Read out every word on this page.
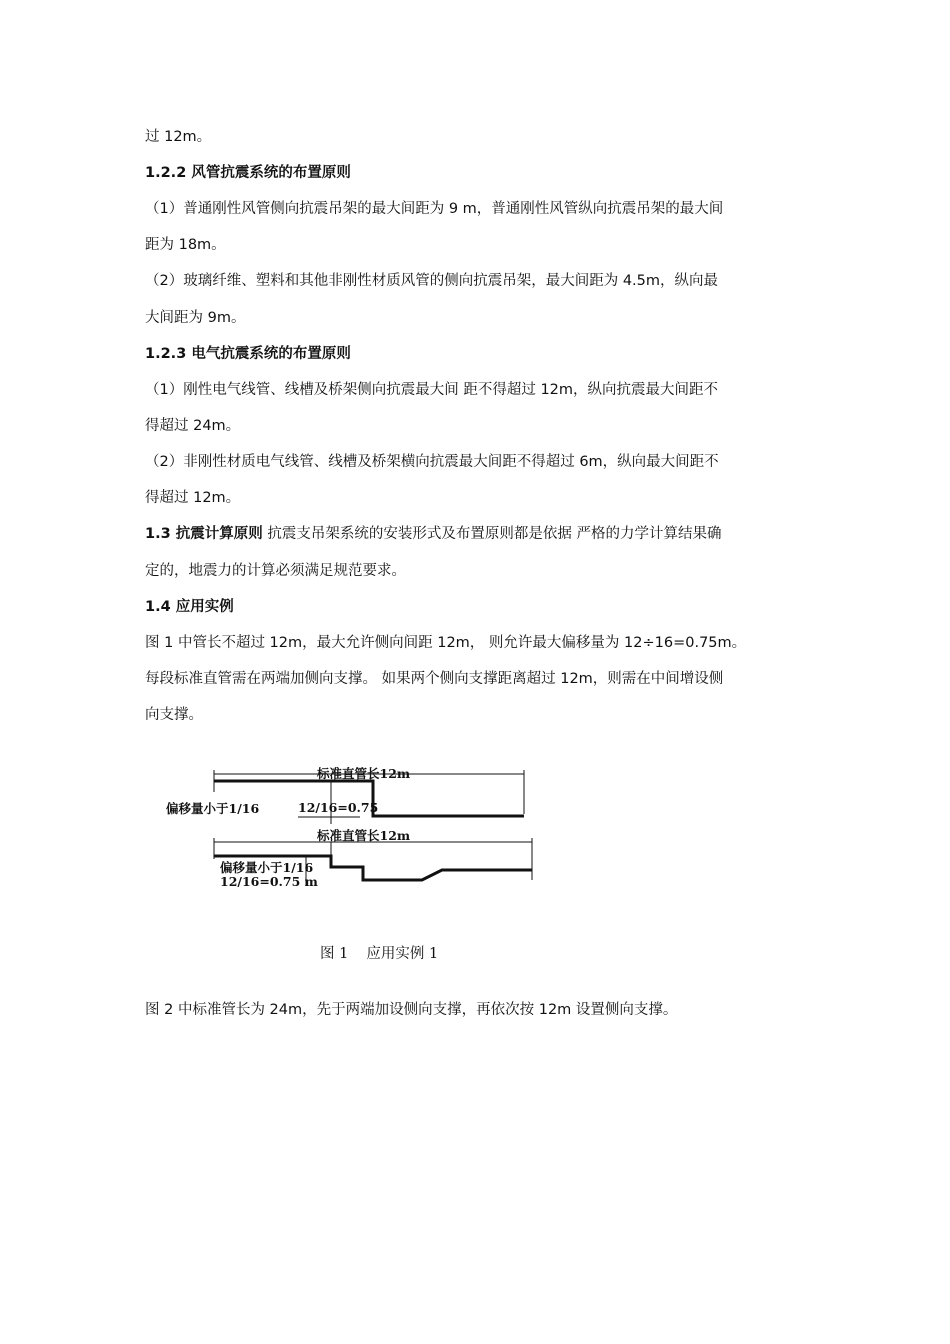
过 12m。
1.2.2 风管抗震系统的布置原则
（1）普通刚性风管侧向抗震吊架的最大间距为 9 m，普通刚性风管纵向抗震吊架的最大间
距为 18m。
（2）玻璃纤维、塑料和其他非刚性材质风管的侧向抗震吊架，最大间距为 4.5m，纵向最
大间距为 9m。
1.2.3 电气抗震系统的布置原则
（1）刚性电气线管、线槽及桥架侧向抗震最大间 距不得超过 12m，纵向抗震最大间距不
得超过 24m。
（2）非刚性材质电气线管、线槽及桥架横向抗震最大间距不得超过 6m，纵向最大间距不
得超过 12m。
1.3 抗震计算原则 抗震支吊架系统的安装形式及布置原则都是依据 严格的力学计算结果确
定的，地震力的计算必须满足规范要求。
1.4 应用实例
图 1 中管长不超过 12m，最大允许侧向间距 12m， 则允许最大偏移量为 12÷16=0.75m。
每段标准直管需在两端加侧向支撑。 如果两个侧向支撑距离超过 12m，则需在中间增设侧
向支撑。
标准直管长12m
偏移量小于1/16	12/16=0.75
标准直管长12m
偏移量小于1/16
12/16=0.75 m
图 1 应用实例 1
图 2 中标准管长为 24m，先于两端加设侧向支撑，再依次按 12m 设置侧向支撑。
